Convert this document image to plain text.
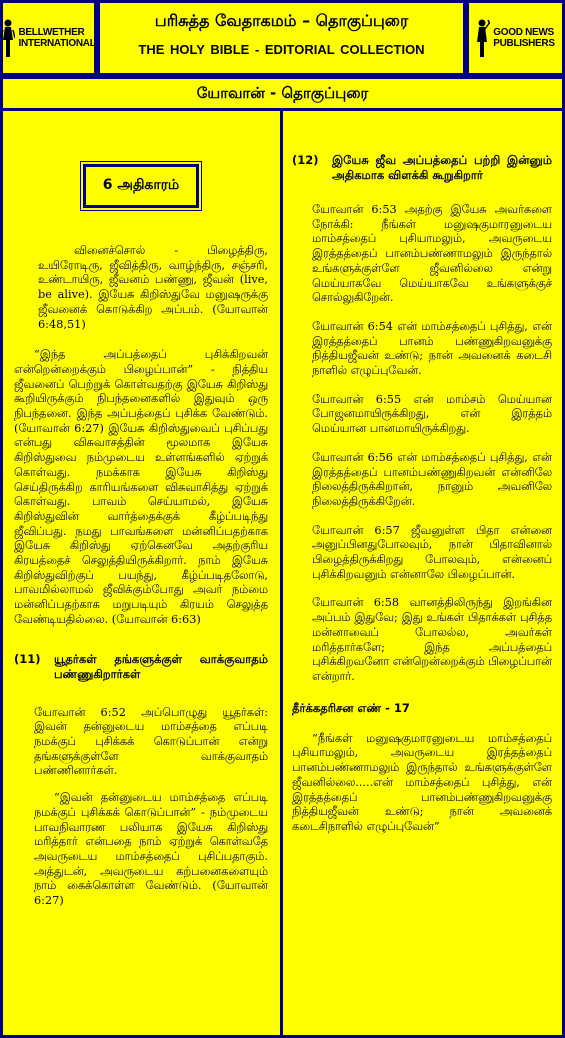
BELLWETHER
INTERNATIONAL
பரிசுத்த வேதாகமம் – தொகுப்புரை
THE HOLY BIBLE - EDITORIAL COLLECTION
GOOD NEWS
PUBLISHERS
யோவான் - தொகுப்புரை
6 அதிகாரம்

வினைச்சொல் - பிழைத்திரு, உயிரோடிரு, ஜீவித்திரு, வாழ்ந்திரு, சஞ்சரி, உண்டாயிரு, ஜீவனம் பண்ணு, ஜீவன் (live, be alive). இயேசு கிறிஸ்துவே மனுஷருக்கு ஜீவனைக் கொடுக்கிற அப்பம். (யோவான் 6:48,51)

“இந்த அப்பத்தைப் புசிக்கிறவன் என்றென்றைக்கும் பிழைப்பான்” - நித்திய ஜீவனைப் பெற்றுக் கொள்வதற்கு இயேசு கிறிஸ்து கூறியிருக்கும் நிபந்தனைகளில் இதுவும் ஒரு நிபந்தனை. இந்த அப்பத்தைப் புசிக்க வேண்டும். (யோவான் 6:27) இயேசு கிறிஸ்துவைப் புசிப்பது என்பது விசுவாசத்தின் மூலமாக இயேசு கிறிஸ்துவை நம்முடைய உள்ளங்களில் ஏற்றுக் கொள்வது. நமக்காக இயேசு கிறிஸ்து செய்திருக்கிற காரியங்களை விசுவாசித்து ஏற்றுக் கொள்வது. பாவம் செய்யாமல், இயேசு கிறிஸ்துவின் வார்த்தைக்குக் கீழ்ப்படிந்து ஜீவிப்பது. நமது பாவங்களை மன்னிப்பதற்காக இயேசு கிறிஸ்து ஏற்கெனவே அதற்குரிய கிரயத்தைச் செலுத்தியிருக்கிறார். நாம் இயேசு கிறிஸ்துவிற்குப் பயந்து, கீழ்ப்படிதலோடு, பாவமில்லாமல் ஜீவிக்கும்போது அவர் நம்மை மன்னிப்பதற்காக மறுபடியும் கிரயம் செலுத்த வேண்டியதில்லை. (யோவான் 6:63)

(11)	யூதர்கள் தங்களுக்குள் வாக்குவாதம் பண்ணுகிறார்கள்

யோவான் 6:52 அப்பொழுது யூதர்கள்: இவன் தன்னுடைய மாம்சத்தை எப்படி நமக்குப் புசிக்கக் கொடுப்பான் என்று தங்களுக்குள்ளே வாக்குவாதம் பண்ணினார்கள்.

“இவன் தன்னுடைய மாம்சத்தை எப்படி நமக்குப் புசிக்கக் கொடுப்பான்” - நம்முடைய பாவநிவாரண பலியாக இயேசு கிறிஸ்து மரித்தார் என்பதை நாம் ஏற்றுக் கொள்வதே அவருடைய மாம்சத்தைப் புசிப்பதாகும். அத்துடன், அவருடைய கற்பனைகளையும் நாம் கைக்கொள்ள வேண்டும். (யோவான் 6:27)

(12)	இயேசு ஜீவ அப்பத்தைப் பற்றி இன்னும் அதிகமாக விளக்கி கூறுகிறார்

யோவான் 6:53 அதற்கு இயேசு அவர்களை நோக்கி: நீங்கள் மனுஷகுமாரனுடைய மாம்சத்தைப் புசியாமலும், அவருடைய இரத்தத்தைப் பானம்பண்ணாமலும் இருந்தால் உங்களுக்குள்ளே ஜீவனில்லை என்று மெய்யாகவே மெய்யாகவே உங்களுக்குச் சொல்லுகிறேன்.

யோவான் 6:54 என் மாம்சத்தைப் புசித்து, என் இரத்தத்தைப் பானம் பண்ணுகிறவனுக்கு நித்தியஜீவன் உண்டு; நான் அவனைக் கடைசி நாளில் எழுப்புவேன்.

யோவான் 6:55 என் மாம்சம் மெய்யான போஜனமாயிருக்கிறது, என் இரத்தம் மெய்யான பானமாயிருக்கிறது.

யோவான் 6:56 என் மாம்சத்தைப் புசித்து, என் இரத்தத்தைப் பானம்பண்ணுகிறவன் என்னிலே நிலைத்திருக்கிறான், நானும் அவனிலே நிலைத்திருக்கிறேன்.

யோவான் 6:57 ஜீவனுள்ள பிதா என்னை அனுப்பினதுபோலவும், நான் பிதாவினால் பிழைத்திருக்கிறது போலவும், என்னைப் புசிக்கிறவனும் என்னாலே பிழைப்பான்.

யோவான் 6:58 வானத்திலிருந்து இறங்கின அப்பம் இதுவே; இது உங்கள் பிதாக்கள் புசித்த மன்னாவைப் போலல்ல, அவர்கள் மரித்தார்களே; இந்த அப்பத்தைப் புசிக்கிறவனோ என்றென்றைக்கும் பிழைப்பான் என்றார்.

தீர்க்கதரிசன எண் - 17

“நீங்கள் மனுஷகுமாரனுடைய மாம்சத்தைப் புசியாமலும், அவருடைய இரத்தத்தைப் பானம்பண்ணாமலும் இருந்தால் உங்களுக்குள்ளே ஜீவனில்லை.....என் மாம்சத்தைப் புசித்து, என் இரத்தத்தைப் பானம்பண்ணுகிறவனுக்கு நித்தியஜீவன் உண்டு; நான் அவனைக் கடைசிநாளில் எழுப்புவேன்”
